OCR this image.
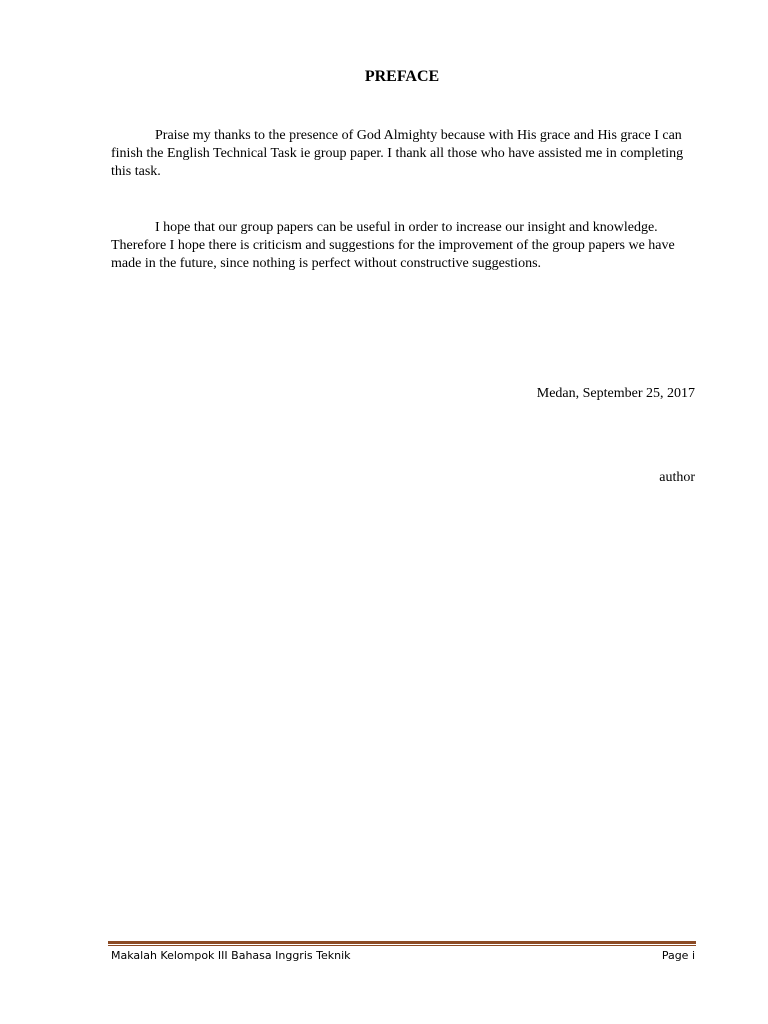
PREFACE

Praise my thanks to the presence of God Almighty because with His grace and His grace I can finish the English Technical Task ie group paper. I thank all those who have assisted me in completing this task.

I hope that our group papers can be useful in order to increase our insight and knowledge. Therefore I hope there is criticism and suggestions for the improvement of the group papers we have made in the future, since nothing is perfect without constructive suggestions.

Medan, September 25, 2017

author

Makalah Kelompok III Bahasa Inggris Teknik	Page i
